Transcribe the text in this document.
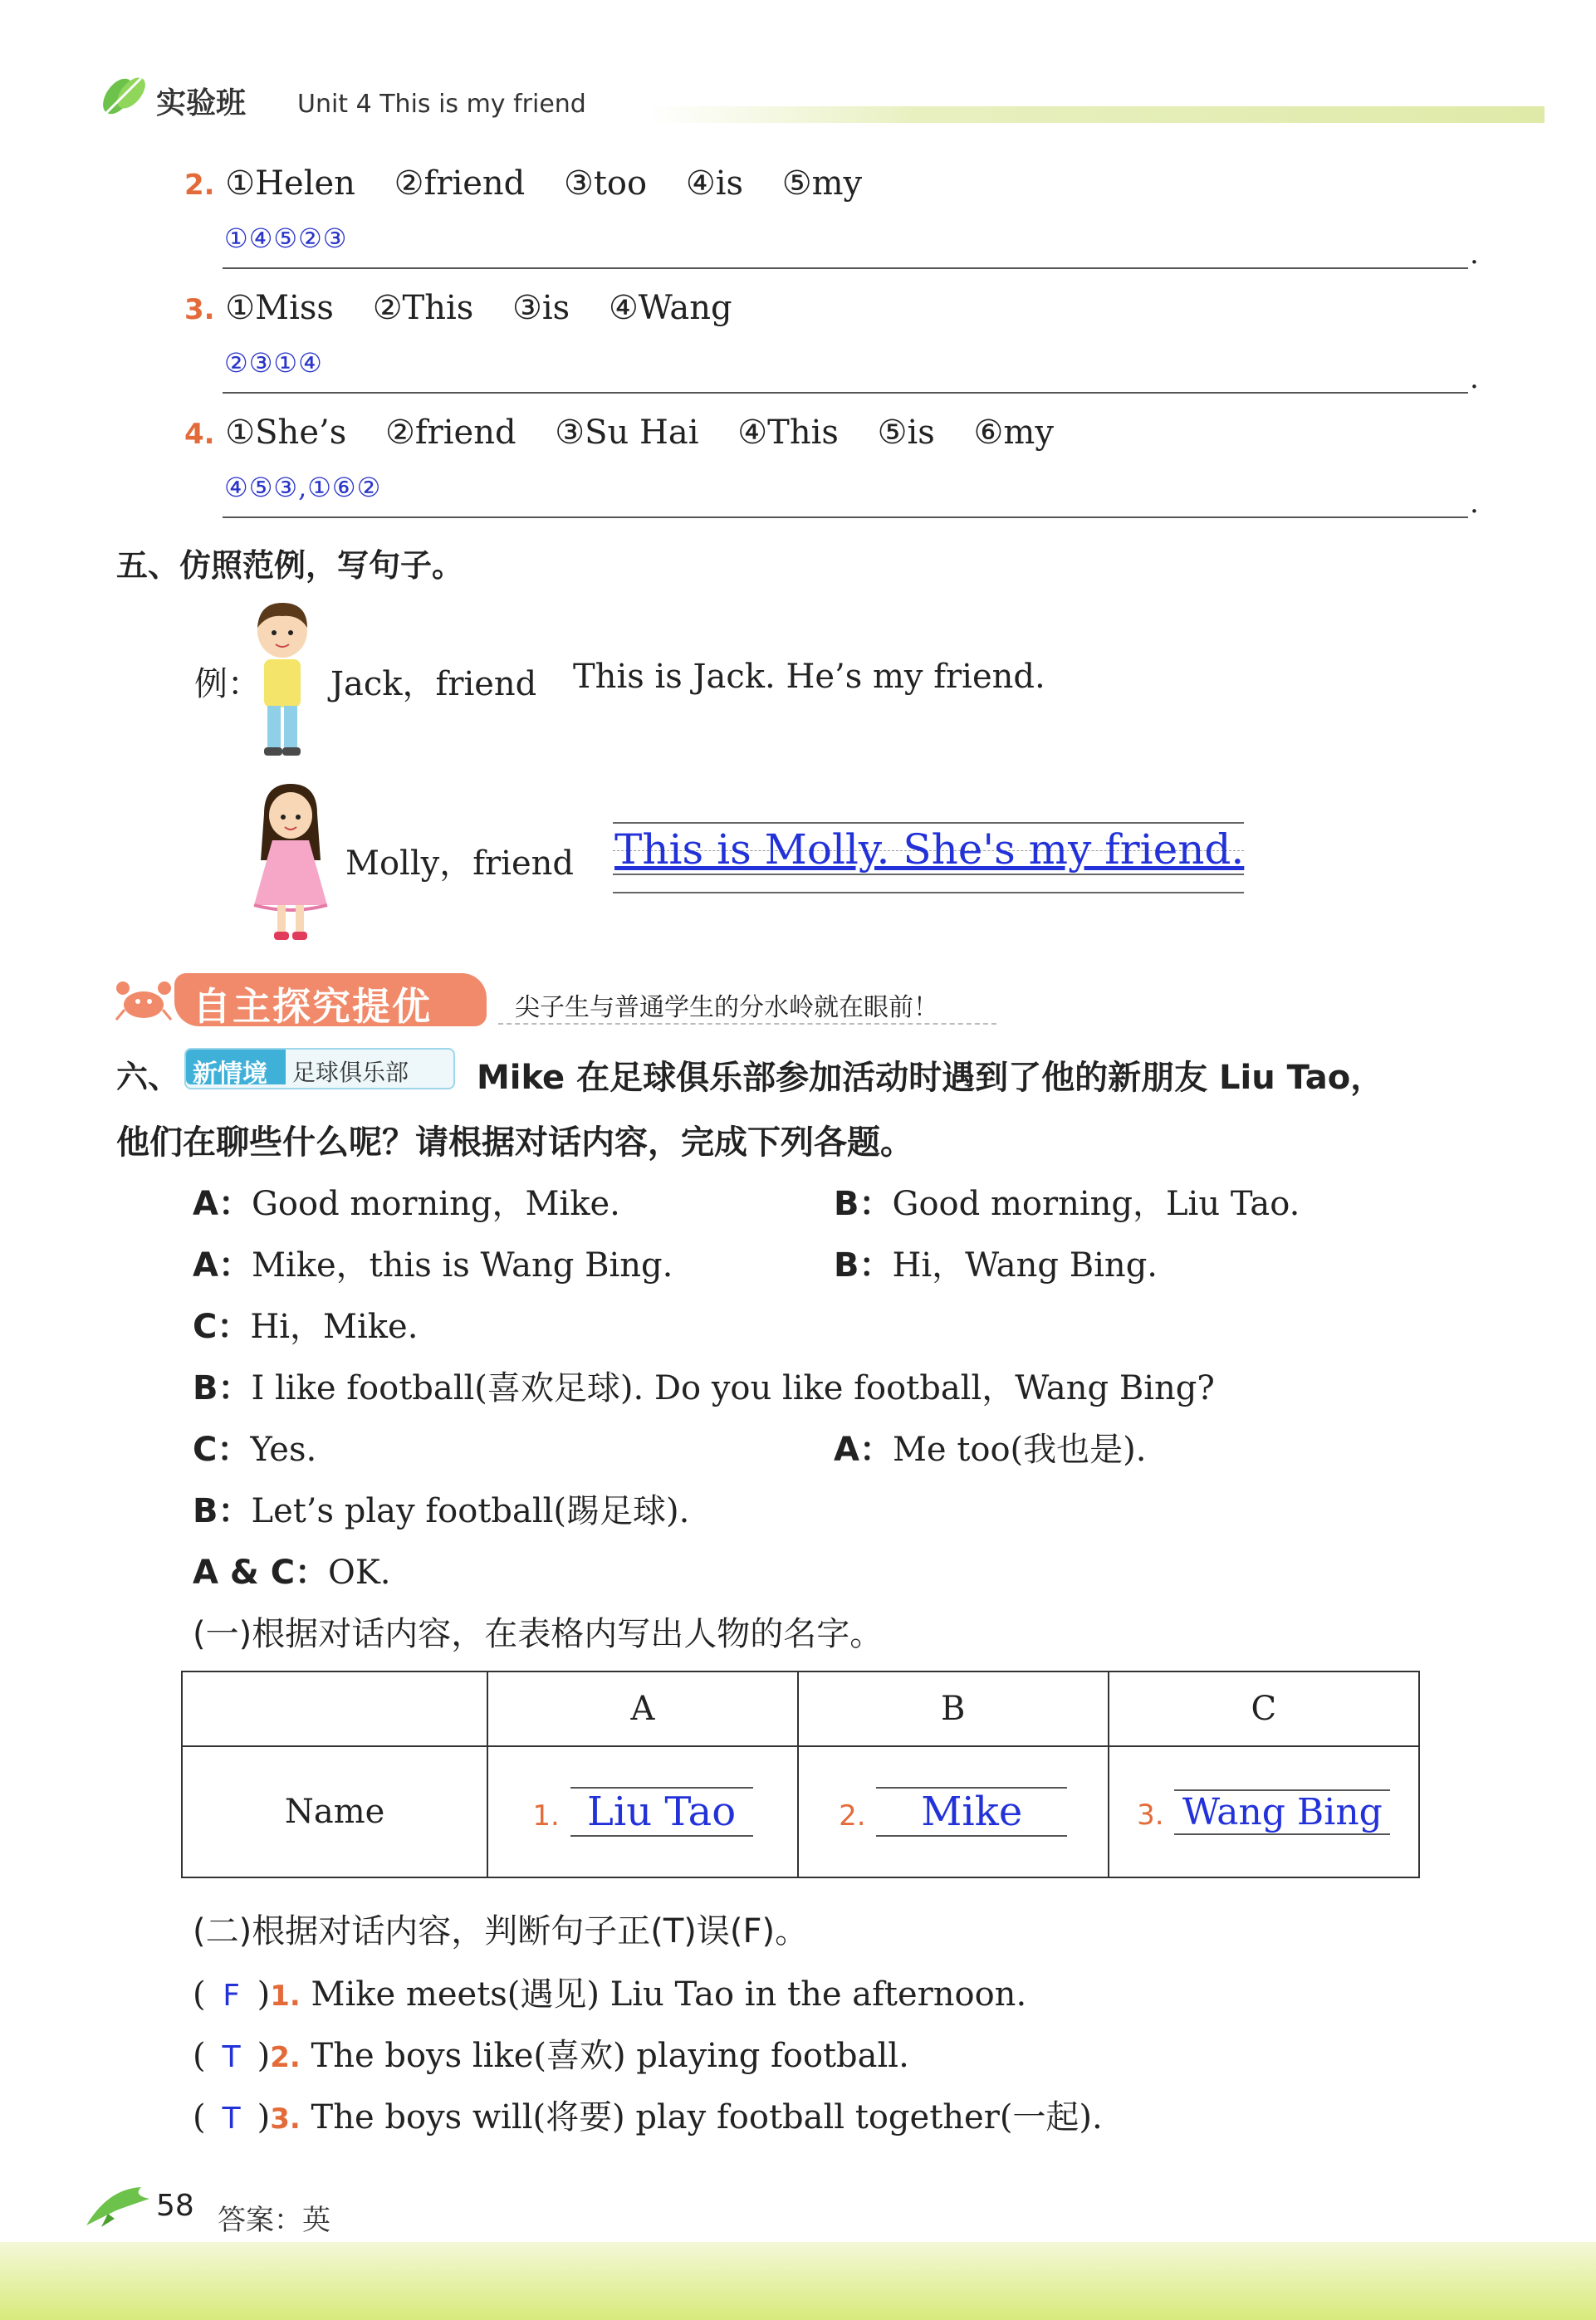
实验班 Unit 4 This is my friend
2. ①Helen ②friend ③too ④is ⑤my
①④⑤②③	.
3. ①Miss ②This ③is ④Wang
②③①④	.
4. ①She’s ②friend ③Su Hai ④This ⑤is ⑥my
④⑤③,①⑥②	.
五、仿照范例，写句子。
例： Jack，friend This is Jack. He’s my friend.
Molly，friend This is Molly. She's my friend.
自主探究提优	尖子生与普通学生的分水岭就在眼前！
六、 新情境 足球俱乐部 Mike 在足球俱乐部参加活动时遇到了他的新朋友 Liu Tao，
他们在聊些什么呢？请根据对话内容，完成下列各题。
A：Good morning，Mike.	B：Good morning，Liu Tao.
A：Mike，this is Wang Bing.	B：Hi，Wang Bing.
C：Hi，Mike.
B：I like football(喜欢足球). Do you like football，Wang Bing?
C：Yes.	A：Me too(我也是).
B：Let’s play football(踢足球).
A & C：OK.
(一)根据对话内容，在表格内写出人物的名字。
	A	B	C
Name	1. Liu Tao	2. Mike	3. Wang Bing
(二)根据对话内容，判断句子正(T)误(F)。
( F )1. Mike meets(遇见) Liu Tao in the afternoon.
( T )2. The boys like(喜欢) playing football.
( T )3. The boys will(将要) play football together(一起).
58 答案：英
